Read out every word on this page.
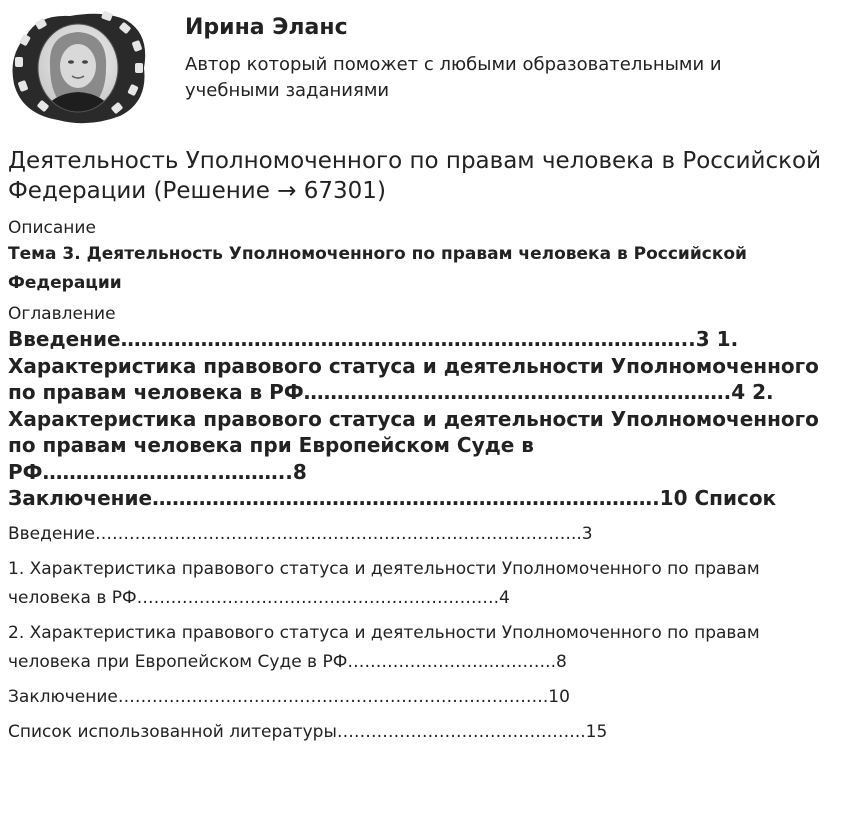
Ирина Эланс
Автор который поможет с любыми образовательными и учебными заданиями
Деятельность Уполномоченного по правам человека в Российской Федерации (Решение → 67301)

Описание

Тема 3. Деятельность Уполномоченного по правам человека в Российской Федерации

Оглавление

Введение…………………………………………………………………………..3 1. Характеристика правового статуса и деятельности Уполномоченного по правам человека в РФ……………………………………………………….4 2. Характеристика правового статуса и деятельности Уполномоченного по правам человека при Европейском Суде в РФ……………………..………..8 Заключение………………………………………………………………….10 Список

Введение…………………………………………………………………………..3

1. Характеристика правового статуса и деятельности Уполномоченного по правам человека в РФ……………………………………………………….4

2. Характеристика правового статуса и деятельности Уполномоченного по правам человека при Европейском Суде в РФ……………………..………..8

Заключение………………………………………………………………….10

Список использованной литературы……………………………………..15
